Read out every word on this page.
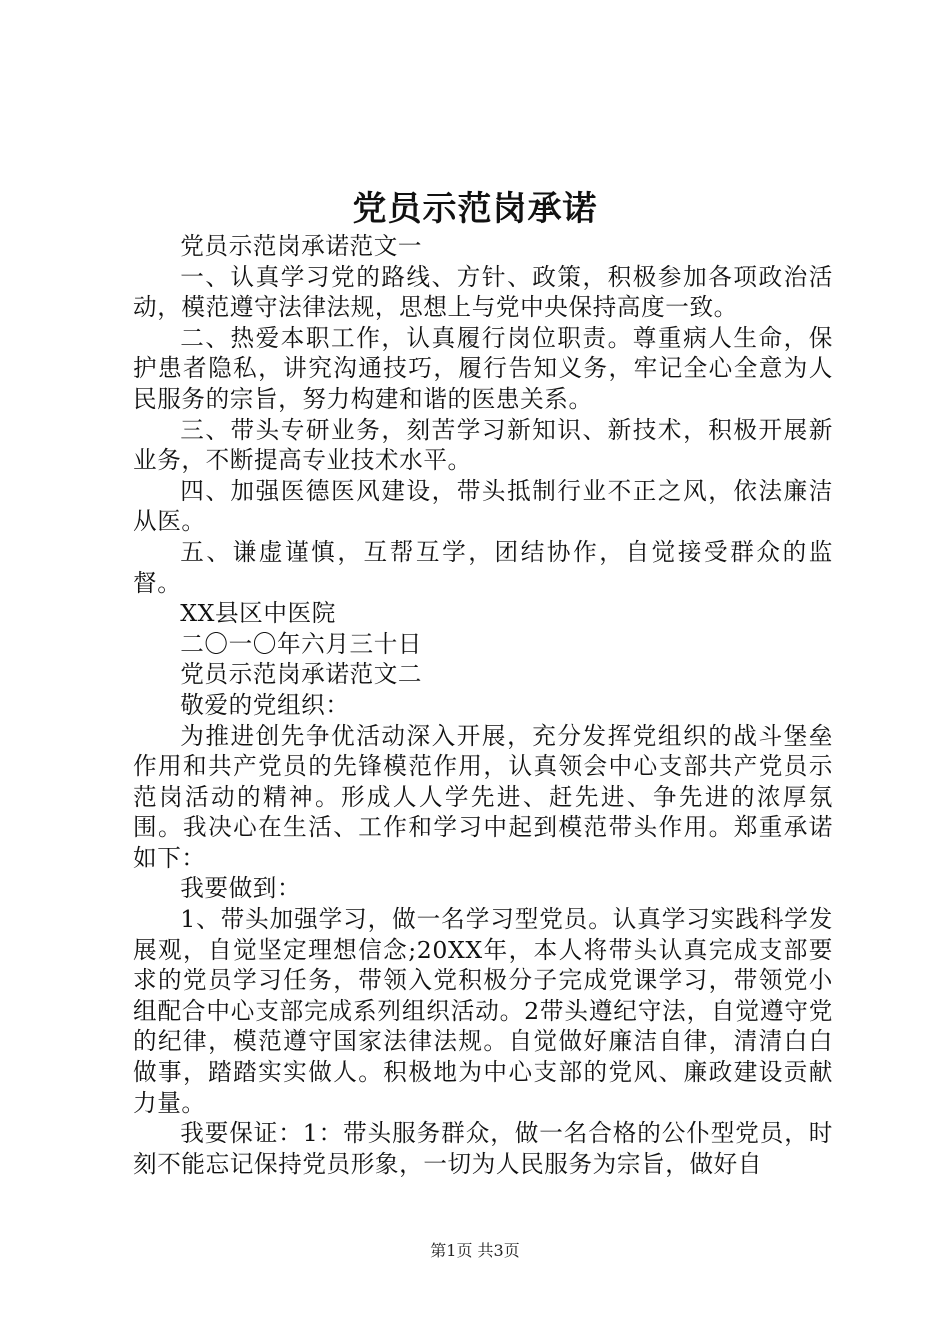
党员示范岗承诺

党员示范岗承诺范文一

一、认真学习党的路线、方针、政策，积极参加各项政治活动，模范遵守法律法规，思想上与党中央保持高度一致。

二、热爱本职工作，认真履行岗位职责。尊重病人生命，保护患者隐私，讲究沟通技巧，履行告知义务，牢记全心全意为人民服务的宗旨，努力构建和谐的医患关系。

三、带头专研业务，刻苦学习新知识、新技术，积极开展新业务，不断提高专业技术水平。

四、加强医德医风建设，带头抵制行业不正之风，依法廉洁从医。

五、谦虚谨慎，互帮互学，团结协作，自觉接受群众的监督。

XX县区中医院

二〇一〇年六月三十日

党员示范岗承诺范文二

敬爱的党组织：

为推进创先争优活动深入开展，充分发挥党组织的战斗堡垒作用和共产党员的先锋模范作用，认真领会中心支部共产党员示范岗活动的精神。形成人人学先进、赶先进、争先进的浓厚氛围。我决心在生活、工作和学习中起到模范带头作用。郑重承诺如下：

我要做到：

1、带头加强学习，做一名学习型党员。认真学习实践科学发展观，自觉坚定理想信念;20XX年，本人将带头认真完成支部要求的党员学习任务，带领入党积极分子完成党课学习，带领党小组配合中心支部完成系列组织活动。2带头遵纪守法，自觉遵守党的纪律，模范遵守国家法律法规。自觉做好廉洁自律，清清白白做事，踏踏实实做人。积极地为中心支部的党风、廉政建设贡献力量。

我要保证：1：带头服务群众，做一名合格的公仆型党员，时刻不能忘记保持党员形象，一切为人民服务为宗旨，做好自

第1页 共3页
